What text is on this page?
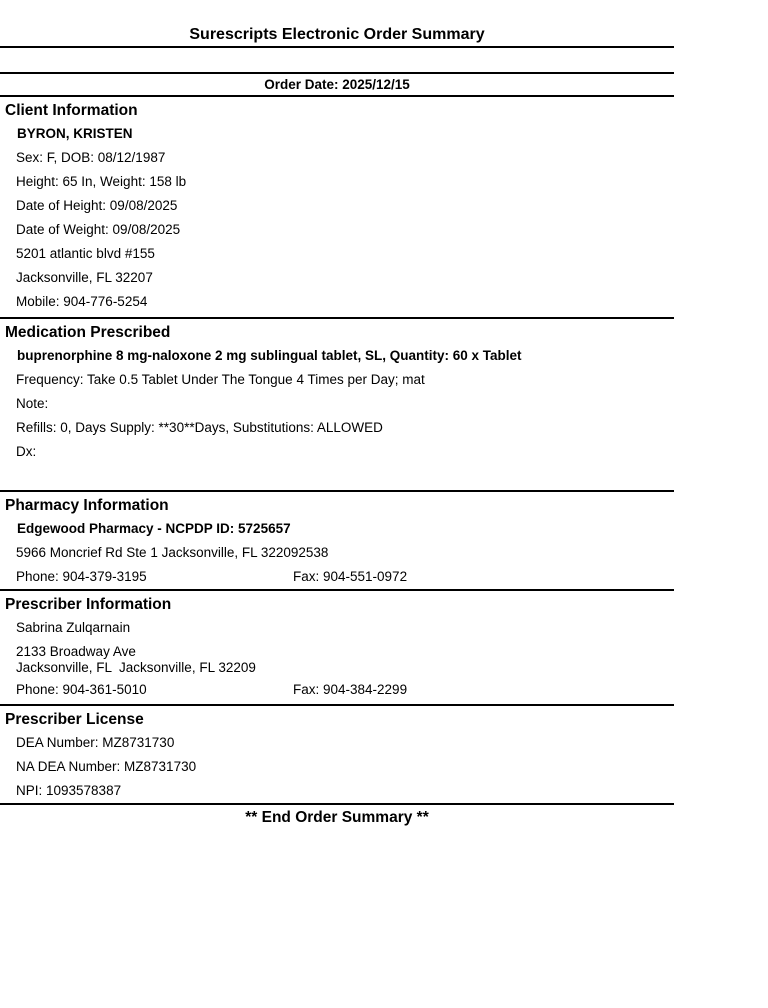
Surescripts Electronic Order Summary
Order Date: 2025/12/15
Client Information
BYRON, KRISTEN
Sex: F, DOB: 08/12/1987
Height: 65 In, Weight: 158 lb
Date of Height: 09/08/2025
Date of Weight: 09/08/2025
5201 atlantic blvd #155
Jacksonville, FL 32207
Mobile: 904-776-5254
Medication Prescribed
buprenorphine 8 mg-naloxone 2 mg sublingual tablet, SL, Quantity: 60 x Tablet
Frequency: Take 0.5 Tablet Under The Tongue 4 Times per Day; mat
Note:
Refills: 0, Days Supply: **30**Days, Substitutions: ALLOWED
Dx:
Pharmacy Information
Edgewood Pharmacy - NCPDP ID: 5725657
5966 Moncrief Rd Ste 1 Jacksonville, FL 322092538
Phone: 904-379-3195	Fax: 904-551-0972
Prescriber Information
Sabrina Zulqarnain
2133 Broadway Ave
Jacksonville, FL  Jacksonville, FL 32209
Phone: 904-361-5010	Fax: 904-384-2299
Prescriber License
DEA Number: MZ8731730
NA DEA Number: MZ8731730
NPI: 1093578387
** End Order Summary **
